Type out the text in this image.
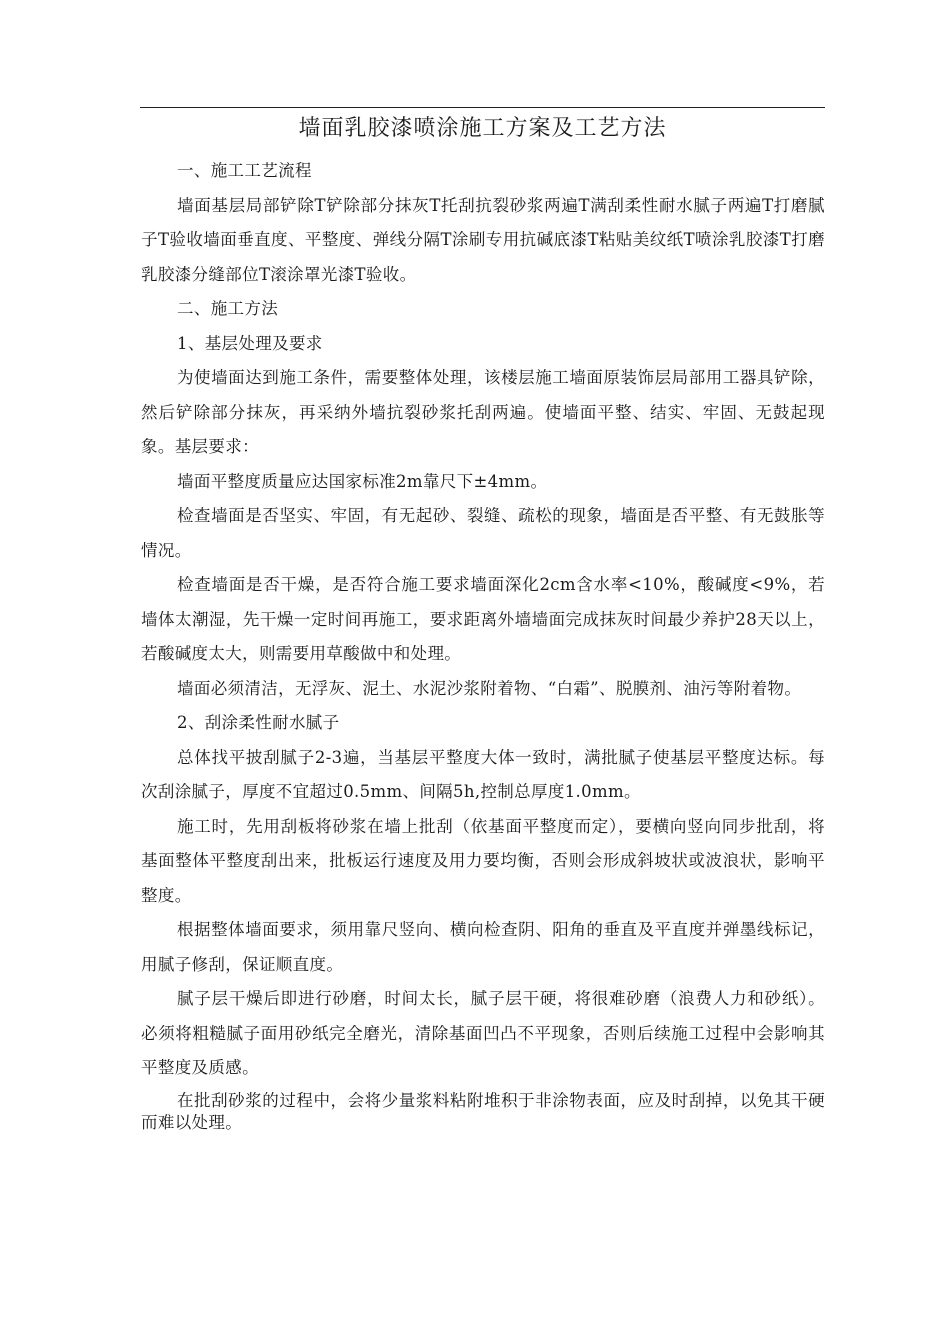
墙面乳胶漆喷涂施工方案及工艺方法

一、施工工艺流程

墙面基层局部铲除T铲除部分抹灰T托刮抗裂砂浆两遍T满刮柔性耐水腻子两遍T打磨腻子T验收墙面垂直度、平整度、弹线分隔T涂刷专用抗碱底漆T粘贴美纹纸T喷涂乳胶漆T打磨乳胶漆分缝部位T滚涂罩光漆T验收。

二、施工方法

1、基层处理及要求

为使墙面达到施工条件，需要整体处理，该楼层施工墙面原装饰层局部用工器具铲除，然后铲除部分抹灰，再采纳外墙抗裂砂浆托刮两遍。使墙面平整、结实、牢固、无鼓起现象。基层要求：

墙面平整度质量应达国家标准2m靠尺下±4mm。

检查墙面是否坚实、牢固，有无起砂、裂缝、疏松的现象，墙面是否平整、有无鼓胀等情况。

检查墙面是否干燥，是否符合施工要求墙面深化2cm含水率<10%，酸碱度<9%，若墙体太潮湿，先干燥一定时间再施工，要求距离外墙墙面完成抹灰时间最少养护28天以上，若酸碱度太大，则需要用草酸做中和处理。

墙面必须清洁，无浮灰、泥土、水泥沙浆附着物、“白霜”、脱膜剂、油污等附着物。

2、刮涂柔性耐水腻子

总体找平披刮腻子2-3遍，当基层平整度大体一致时，满批腻子使基层平整度达标。每次刮涂腻子，厚度不宜超过0.5mm、间隔5h,控制总厚度1.0mm。

施工时，先用刮板将砂浆在墙上批刮（依基面平整度而定），要横向竖向同步批刮，将基面整体平整度刮出来，批板运行速度及用力要均衡，否则会形成斜坡状或波浪状，影响平整度。

根据整体墙面要求，须用靠尺竖向、横向检查阴、阳角的垂直及平直度并弹墨线标记，用腻子修刮，保证顺直度。

腻子层干燥后即进行砂磨，时间太长，腻子层干硬，将很难砂磨（浪费人力和砂纸）。必须将粗糙腻子面用砂纸完全磨光，清除基面凹凸不平现象，否则后续施工过程中会影响其平整度及质感。

在批刮砂浆的过程中，会将少量浆料粘附堆积于非涂物表面，应及时刮掉，以免其干硬而难以处理。
